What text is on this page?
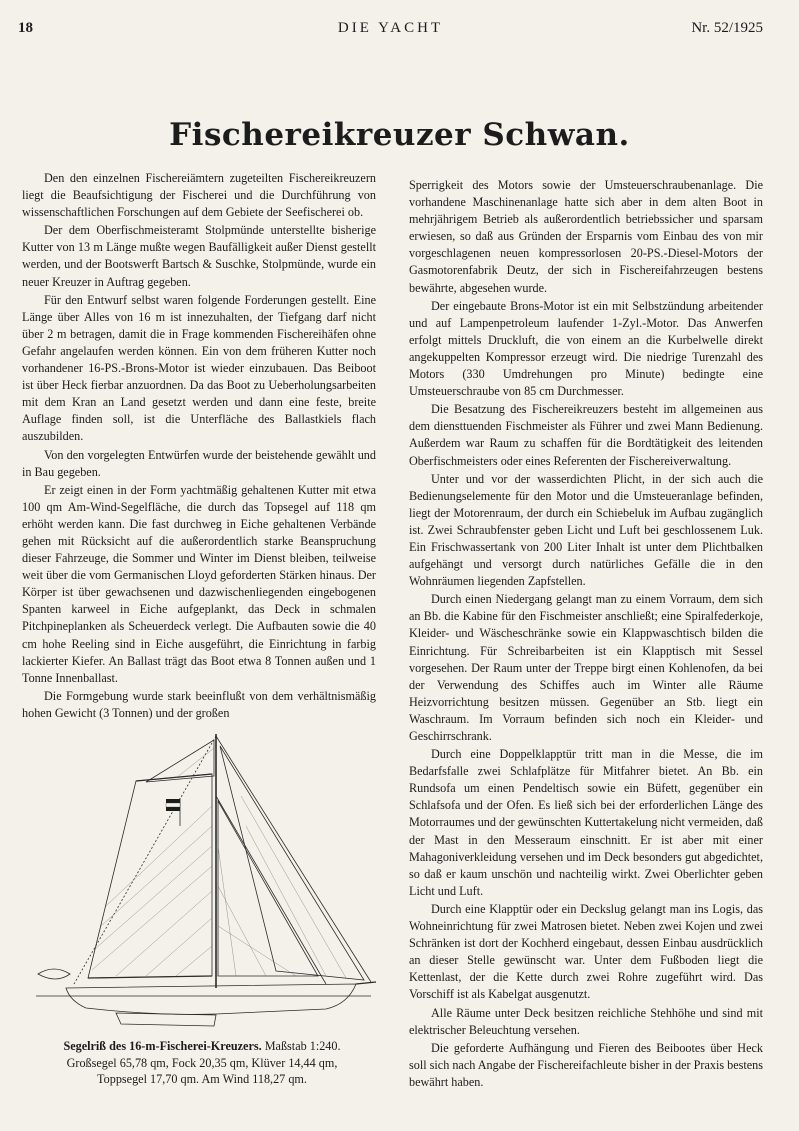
18	DIE YACHT	Nr. 52/1925
Fischereikreuzer Schwan.

Den den einzelnen Fischereiämtern zugeteilten Fischereikreuzern liegt die Beaufsichtigung der Fischerei und die Durchführung von wissenschaftlichen Forschungen auf dem Gebiete der Seefischerei ob.

Der dem Oberfischmeisteramt Stolpmünde unterstellte bisherige Kutter von 13 m Länge mußte wegen Baufälligkeit außer Dienst gestellt werden, und der Bootswerft Bartsch & Suschke, Stolpmünde, wurde ein neuer Kreuzer in Auftrag gegeben.

Für den Entwurf selbst waren folgende Forderungen gestellt. Eine Länge über Alles von 16 m ist innezuhalten, der Tiefgang darf nicht über 2 m betragen, damit die in Frage kommenden Fischereihäfen ohne Gefahr angelaufen werden können. Ein von dem früheren Kutter noch vorhandener 16-PS.-Brons-Motor ist wieder einzubauen. Das Beiboot ist über Heck fierbar anzuordnen. Da das Boot zu Ueberholungsarbeiten mit dem Kran an Land gesetzt werden und dann eine feste, breite Auflage finden soll, ist die Unterfläche des Ballastkiels flach auszubilden.

Von den vorgelegten Entwürfen wurde der beistehende gewählt und in Bau gegeben.

Er zeigt einen in der Form yachtmäßig gehaltenen Kutter mit etwa 100 qm Am-Wind-Segelfläche, die durch das Topsegel auf 118 qm erhöht werden kann. Die fast durchweg in Eiche gehaltenen Verbände gehen mit Rücksicht auf die außerordentlich starke Beanspruchung dieser Fahrzeuge, die Sommer und Winter im Dienst bleiben, teilweise weit über die vom Germanischen Lloyd geforderten Stärken hinaus. Der Körper ist über gewachsenen und dazwischenliegenden eingebogenen Spanten karweel in Eiche aufgeplankt, das Deck in schmalen Pitchpineplanken als Scheuerdeck verlegt. Die Aufbauten sowie die 40 cm hohe Reeling sind in Eiche ausgeführt, die Einrichtung in farbig lackierter Kiefer. An Ballast trägt das Boot etwa 8 Tonnen außen und 1 Tonne Innenballast.

Die Formgebung wurde stark beeinflußt von dem verhältnismäßig hohen Gewicht (3 Tonnen) und der großen

Sperrigkeit des Motors sowie der Umsteuerschraubenanlage. Die vorhandene Maschinenanlage hatte sich aber in dem alten Boot in mehrjährigem Betrieb als außerordentlich betriebssicher und sparsam erwiesen, so daß aus Gründen der Ersparnis vom Einbau des von mir vorgeschlagenen neuen kompressorlosen 20-PS.-Diesel-Motors der Gasmotorenfabrik Deutz, der sich in Fischereifahrzeugen bestens bewährte, abgesehen wurde.

Der eingebaute Brons-Motor ist ein mit Selbstzündung arbeitender und auf Lampenpetroleum laufender 1-Zyl.-Motor. Das Anwerfen erfolgt mittels Druckluft, die von einem an die Kurbelwelle direkt angekuppelten Kompressor erzeugt wird. Die niedrige Turenzahl des Motors (330 Umdrehungen pro Minute) bedingte eine Umsteuerschraube von 85 cm Durchmesser.

Die Besatzung des Fischereikreuzers besteht im allgemeinen aus dem diensttuenden Fischmeister als Führer und zwei Mann Bedienung. Außerdem war Raum zu schaffen für die Bordtätigkeit des leitenden Oberfischmeisters oder eines Referenten der Fischereiverwaltung.

Unter und vor der wasserdichten Plicht, in der sich auch die Bedienungselemente für den Motor und die Umsteueranlage befinden, liegt der Motorenraum, der durch ein Schiebeluk im Aufbau zugänglich ist. Zwei Schraubfenster geben Licht und Luft bei geschlossenem Luk. Ein Frischwassertank von 200 Liter Inhalt ist unter dem Plichtbalken aufgehängt und versorgt durch natürliches Gefälle die in den Wohnräumen liegenden Zapfstellen.

Durch einen Niedergang gelangt man zu einem Vorraum, dem sich an Bb. die Kabine für den Fischmeister anschließt; eine Spiralfederkoje, Kleider- und Wäscheschränke sowie ein Klappwaschtisch bilden die Einrichtung. Für Schreibarbeiten ist ein Klapptisch mit Sessel vorgesehen. Der Raum unter der Treppe birgt einen Kohlenofen, da bei der Verwendung des Schiffes auch im Winter alle Räume Heizvorrichtung besitzen müssen. Gegenüber an Stb. liegt ein Waschraum. Im Vorraum befinden sich noch ein Kleider- und Geschirrschrank.

Durch eine Doppelklapptür tritt man in die Messe, die im Bedarfsfalle zwei Schlafplätze für Mitfahrer bietet. An Bb. ein Rundsofa um einen Pendeltisch sowie ein Büfett, gegenüber ein Schlafsofa und der Ofen. Es ließ sich bei der erforderlichen Länge des Motorraumes und der gewünschten Kuttertakelung nicht vermeiden, daß der Mast in den Messeraum einschnitt. Er ist aber mit einer Mahagoniverkleidung versehen und im Deck besonders gut abgedichtet, so daß er kaum unschön und nachteilig wirkt. Zwei Oberlichter geben Licht und Luft.

Durch eine Klapptür oder ein Deckslug gelangt man ins Logis, das Wohneinrichtung für zwei Matrosen bietet. Neben zwei Kojen und zwei Schränken ist dort der Kochherd eingebaut, dessen Einbau ausdrücklich an dieser Stelle gewünscht war. Unter dem Fußboden liegt die Kettenlast, der die Kette durch zwei Rohre zugeführt wird. Das Vorschiff ist als Kabelgat ausgenutzt.

Alle Räume unter Deck besitzen reichliche Stehhöhe und sind mit elektrischer Beleuchtung versehen.

Die geforderte Aufhängung und Fieren des Beibootes über Heck soll sich nach Angabe der Fischereifachleute bisher in der Praxis bestens bewährt haben.

Segelriß des 16-m-Fischerei-Kreuzers. Maßstab 1:240.
Großsegel 65,78 qm, Fock 20,35 qm, Klüver 14,44 qm,
Toppsegel 17,70 qm. Am Wind 118,27 qm.
